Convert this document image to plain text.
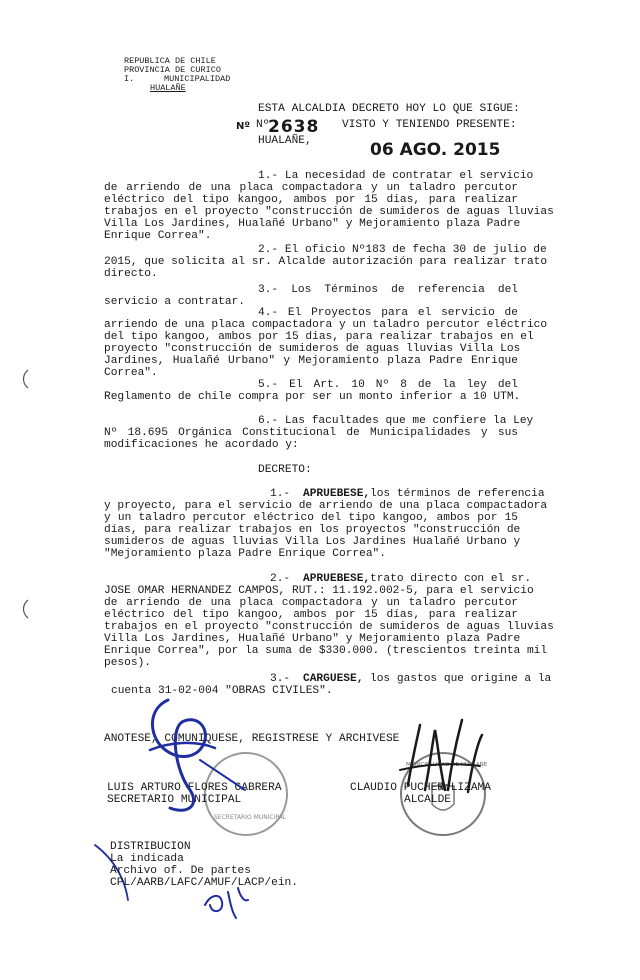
REPUBLICA DE CHILE
PROVINCIA DE CURICO
I.	MUNICIPALIDAD
HUALAÑE
ESTA ALCALDIA DECRETO HOY LO QUE SIGUE:
Nº Nº
2638 VISTO Y TENIENDO PRESENTE:
HUALAÑE,	06 AGO. 2015
1.- La necesidad de contratar el servicio
de arriendo de una placa compactadora y un taladro percutor
eléctrico del tipo kangoo, ambos por 15 dias, para realizar
trabajos en el proyecto "construcción de sumideros de aguas lluvias
Villa Los Jardines, Hualañé Urbano" y Mejoramiento plaza Padre
Enrique Correa".
2.- El oficio Nº183 de fecha 30 de julio de
2015, que solicita al sr. Alcalde autorización para realizar trato
directo.
3.- Los Términos de referencia del
servicio a contratar.
4.- El Proyectos para el servicio de
arriendo de una placa compactadora y un taladro percutor eléctrico
del tipo kangoo, ambos por 15 dias, para realizar trabajos en el
proyecto "construcción de sumideros de aguas lluvias Villa Los
Jardines, Hualañé Urbano" y Mejoramiento plaza Padre Enrique
Correa".
5.- El Art. 10 Nº 8 de la ley del
Reglamento de chile compra por ser un monto inferior a 10 UTM.
6.- Las facultades que me confiere la Ley
Nº 18.695 Orgánica Constitucional de Municipalidades y sus
modificaciones he acordado y:
DECRETO:
1.- APRUEBESE, los términos de referencia
y proyecto, para el servicio de arriendo de una placa compactadora
y un taladro percutor eléctrico del tipo kangoo, ambos por 15
días, para realizar trabajos en los proyectos "construcción de
sumideros de aguas lluvias Villa Los Jardines Hualañé Urbano y
"Mejoramiento plaza Padre Enrique Correa".
2.- APRUEBESE, trato directo con el sr.
JOSE OMAR HERNANDEZ CAMPOS, RUT.: 11.192.002-5, para el servicio
de arriendo de una placa compactadora y un taladro percutor
eléctrico del tipo kangoo, ambos por 15 días, para realizar
trabajos en el proyecto "construcción de sumideros de aguas lluvias
Villa Los Jardines, Hualañé Urbano" y Mejoramiento plaza Padre
Enrique Correa", por la suma de $330.000. (trescientos treinta mil
pesos).
3.- CARGUESE, los gastos que origine a la
cuenta 31-02-004 "OBRAS CIVILES".
ANOTESE, COMUNIQUESE, REGISTRESE Y ARCHIVESE
SECRETARIO MUNICIPAL
MUNICIPALIDAD DE HUALAÑE
LUIS ARTURO FLORES CABRERA
SECRETARIO MUNICIPAL
CLAUDIO PUCHER LIZAMA
ALCALDE
DISTRIBUCION
La indicada
Archivo of. De partes
CPL/AARB/LAFC/AMUF/LACP/ein.
